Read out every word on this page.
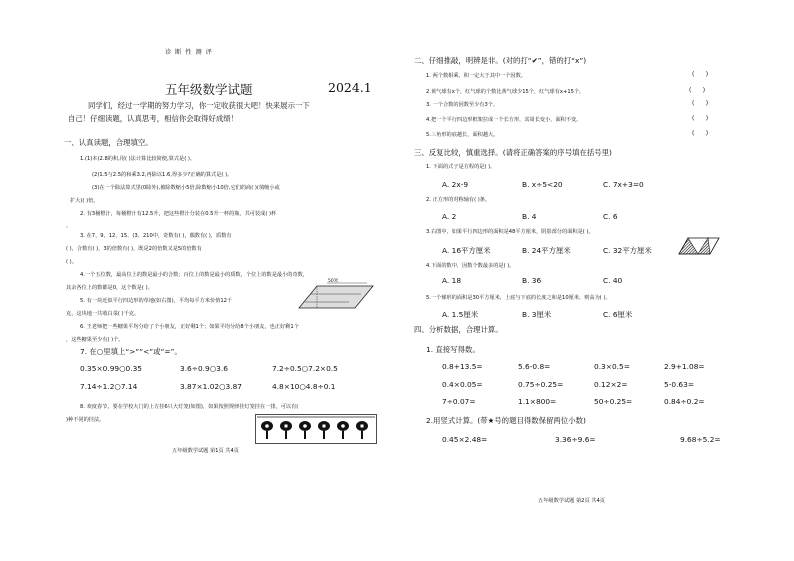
诊 断 性 测 评
五年级数学试题	2024.1
同学们，经过一学期的努力学习，你一定收获很大吧！快来展示一下
自己！仔细读题，认真思考，相信你会取得好成绩！
一、认真读题，合理填空。
1.(1)本(2.8的积,用( )法计算比较简便,算式是( )。
(2)1.5与2.5的和乘3.2,再除以1.6,得多少?正确的算式是( )。
(3)在一个除法算式里(0除外),被除数缩小5倍,除数缩小10倍,它们的商( )(填缩小或
扩大)( )倍。
2. 有3桶橙汁，每桶橙汁有12.5升，把这些橙汁分装在0.5升一杯的瓶，共可装成( )杯
。
3. 在7、9、12、15、(3、210中，奇数有( )，偶数有( )，质数有
( )，合数有( )，3的倍数有( )，既是2的倍数又是5的倍数有
( )。
4.一个五位数，最高位上的数是最小的合数；百位上的数是最小的质数，个位上的数是最小的奇数，
其余各位上的数都是0，这个数是( )。
5. 有一块近似平行四边形的草地(如右图)，平均每平方米价值12千
克，这块地一共收白菜( )千克。
50米
6. 王老师把一些糖果平均分给了个小朋友，正好剩1个；如果平均分给8个小朋友，也正好剩1个
，这些糖果至少有( )个。
7. 在○里填上“>”“<”或“=”。
0.35×0.99○0.35	3.6÷0.9○3.6	7.2÷0.5○7.2×0.5
7.14÷1.2○7.14	3.87×1.02○3.87	4.8×10○4.8÷0.1
8. 欢度春节，要在学校大门的上方挂6只大灯笼(如图)，如果按照规律挂灯笼挂在一排，可以有(
)种不同的挂法。
五年级数学试题 第1页 共4页
二、仔细推敲，明辨是非。(对的打“✔”，错的打“x”)
1. 两个数相乘，积一定大于其中一个因数。	(      )
2.黄气球有x个，红气球的个数比黄气球少15个，红气球有x+15个。	(      )
3. 一个合数的因数至少有3个。	(      )
4.把一个平行四边形框架拉成一个长方形，其周长变小，面积不变。	(      )
5.三角形的底越长，面积越大。	(      )
三、反复比较，慎重选择。(请将正确答案的序号填在括号里)
1. 下面的式子是方程的是( )。
A. 2x-9	B. x÷5<20	C. 7x+3=0
2. 正方形的对称轴有( )条。
A. 2	B. 4	C. 6
3.右图中，如果平行四边形的面积是48平方厘米，阴影部分的面积是( )。
A. 16平方厘米	B. 24平方厘米	C. 32平方厘米
4.下面的数中，因数个数最多的是( )。
A. 18	B. 36	C. 40
5.一个梯形的面积是30平方厘米，上底与下底的长度之和是10厘米，则高为( )。
A. 1.5厘米	B. 3厘米	C. 6厘米
四、分析数据，合理计算。
1. 直接写得数。
0.8+13.5=	5.6-0.8=	0.3×0.5=	2.9+1.08=
0.4×0.05=	0.75÷0.25=	0.12×2=	5-0.63=
7÷0.07=	1.1×800=	50÷0.25=	0.84÷0.2=
2.用竖式计算。(带★号的题目得数保留两位小数)
0.45×2.48=	3.36÷9.6=	9.68÷5.2=
五年级数学试题 第2页 共4页
